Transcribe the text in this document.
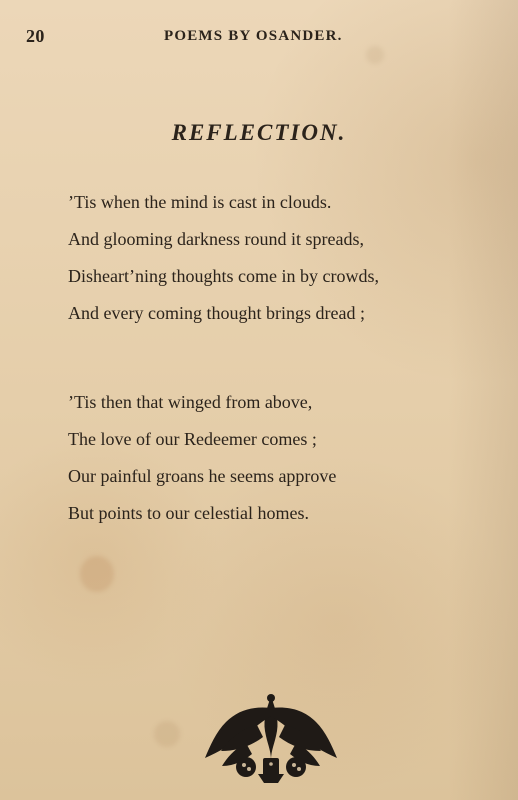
20	POEMS BY OSANDER.
REFLECTION.
’Tis when the mind is cast in clouds.
And glooming darkness round it spreads,
Disheart’ning thoughts come in by crowds,
And every coming thought brings dread ;
’Tis then that winged from above,
The love of our Redeemer comes ;
Our painful groans he seems approve
But points to our celestial homes.
